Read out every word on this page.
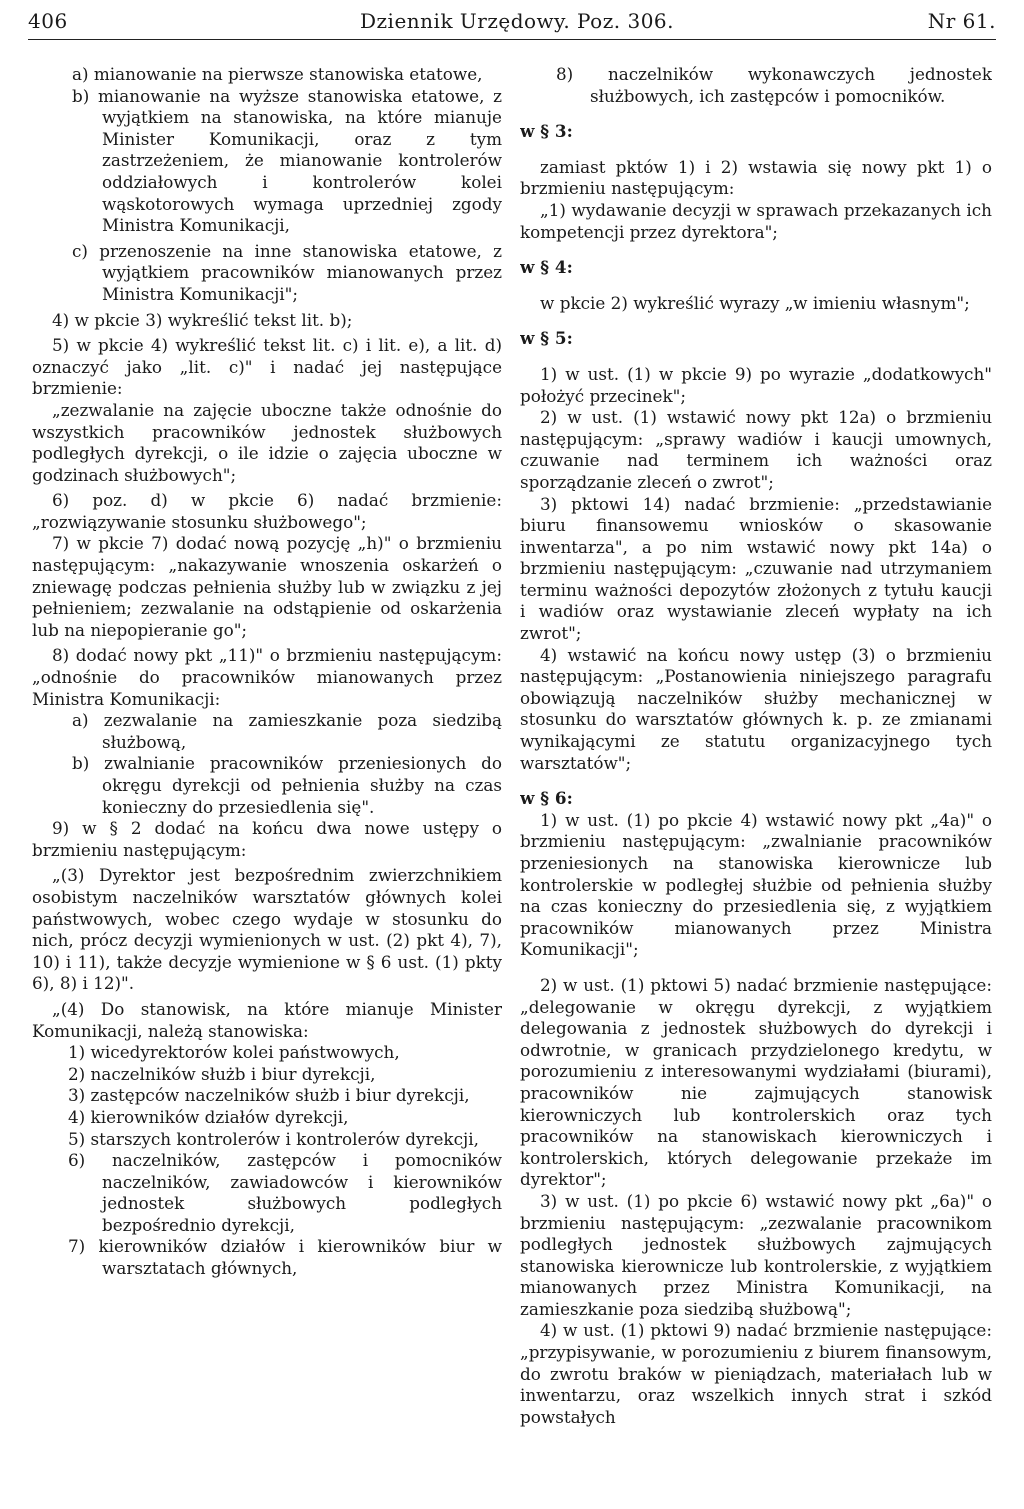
406	Dziennik Urzędowy. Poz. 306.	Nr 61.

a) mianowanie na pierwsze stanowiska etatowe,

b) mianowanie na wyższe stanowiska etatowe, z wyjątkiem na stanowiska, na które mianuje Minister Komunikacji, oraz z tym zastrzeżeniem, że mianowanie kontrolerów oddziałowych i kontrolerów kolei wąskotorowych wymaga uprzedniej zgody Ministra Komunikacji,

c) przenoszenie na inne stanowiska etatowe, z wyjątkiem pracowników mianowanych przez Ministra Komunikacji";

4) w pkcie 3) wykreślić tekst lit. b);

5) w pkcie 4) wykreślić tekst lit. c) i lit. e), a lit. d) oznaczyć jako „lit. c)" i nadać jej następujące brzmienie:

„zezwalanie na zajęcie uboczne także odnośnie do wszystkich pracowników jednostek służbowych podległych dyrekcji, o ile idzie o zajęcia uboczne w godzinach służbowych";

6) poz. d) w pkcie 6) nadać brzmienie: „rozwiązywanie stosunku służbowego";

7) w pkcie 7) dodać nową pozycję „h)" o brzmieniu następującym: „nakazywanie wnoszenia oskarżeń o zniewagę podczas pełnienia służby lub w związku z jej pełnieniem; zezwalanie na odstąpienie od oskarżenia lub na niepopieranie go";

8) dodać nowy pkt „11)" o brzmieniu następującym: „odnośnie do pracowników mianowanych przez Ministra Komunikacji:

a) zezwalanie na zamieszkanie poza siedzibą służbową,

b) zwalnianie pracowników przeniesionych do okręgu dyrekcji od pełnienia służby na czas konieczny do przesiedlenia się".

9) w § 2 dodać na końcu dwa nowe ustępy o brzmieniu następującym:

„(3) Dyrektor jest bezpośrednim zwierzchnikiem osobistym naczelników warsztatów głównych kolei państwowych, wobec czego wydaje w stosunku do nich, prócz decyzji wymienionych w ust. (2) pkt 4), 7), 10) i 11), także decyzje wymienione w § 6 ust. (1) pkty 6), 8) i 12)".

„(4) Do stanowisk, na które mianuje Minister Komunikacji, należą stanowiska:

1) wicedyrektorów kolei państwowych,

2) naczelników służb i biur dyrekcji,

3) zastępców naczelników służb i biur dyrekcji,

4) kierowników działów dyrekcji,

5) starszych kontrolerów i kontrolerów dyrekcji,

6) naczelników, zastępców i pomocników naczelników, zawiadowców i kierowników jednostek służbowych podległych bezpośrednio dyrekcji,

7) kierowników działów i kierowników biur w warsztatach głównych,

8) naczelników wykonawczych jednostek służbowych, ich zastępców i pomocników.

w § 3:

zamiast pktów 1) i 2) wstawia się nowy pkt 1) o brzmieniu następującym:

„1) wydawanie decyzji w sprawach przekazanych ich kompetencji przez dyrektora";

w § 4:

w pkcie 2) wykreślić wyrazy „w imieniu własnym";

w § 5:

1) w ust. (1) w pkcie 9) po wyrazie „dodatkowych" położyć przecinek";

2) w ust. (1) wstawić nowy pkt 12a) o brzmieniu następującym: „sprawy wadiów i kaucji umownych, czuwanie nad terminem ich ważności oraz sporządzanie zleceń o zwrot";

3) pktowi 14) nadać brzmienie: „przedstawianie biuru finansowemu wniosków o skasowanie inwentarza", a po nim wstawić nowy pkt 14a) o brzmieniu następującym: „czuwanie nad utrzymaniem terminu ważności depozytów złożonych z tytułu kaucji i wadiów oraz wystawianie zleceń wypłaty na ich zwrot";

4) wstawić na końcu nowy ustęp (3) o brzmieniu następującym: „Postanowienia niniejszego paragrafu obowiązują naczelników służby mechanicznej w stosunku do warsztatów głównych k. p. ze zmianami wynikającymi ze statutu organizacyjnego tych warsztatów";

w § 6:

1) w ust. (1) po pkcie 4) wstawić nowy pkt „4a)" o brzmieniu następującym: „zwalnianie pracowników przeniesionych na stanowiska kierownicze lub kontrolerskie w podległej służbie od pełnienia służby na czas konieczny do przesiedlenia się, z wyjątkiem pracowników mianowanych przez Ministra Komunikacji";

2) w ust. (1) pktowi 5) nadać brzmienie następujące: „delegowanie w okręgu dyrekcji, z wyjątkiem delegowania z jednostek służbowych do dyrekcji i odwrotnie, w granicach przydzielonego kredytu, w porozumieniu z interesowanymi wydziałami (biurami), pracowników nie zajmujących stanowisk kierowniczych lub kontrolerskich oraz tych pracowników na stanowiskach kierowniczych i kontrolerskich, których delegowanie przekaże im dyrektor";

3) w ust. (1) po pkcie 6) wstawić nowy pkt „6a)" o brzmieniu następującym: „zezwalanie pracownikom podległych jednostek służbowych zajmujących stanowiska kierownicze lub kontrolerskie, z wyjątkiem mianowanych przez Ministra Komunikacji, na zamieszkanie poza siedzibą służbową";

4) w ust. (1) pktowi 9) nadać brzmienie następujące: „przypisywanie, w porozumieniu z biurem finansowym, do zwrotu braków w pieniądzach, materiałach lub w inwentarzu, oraz wszelkich innych strat i szkód powstałych
